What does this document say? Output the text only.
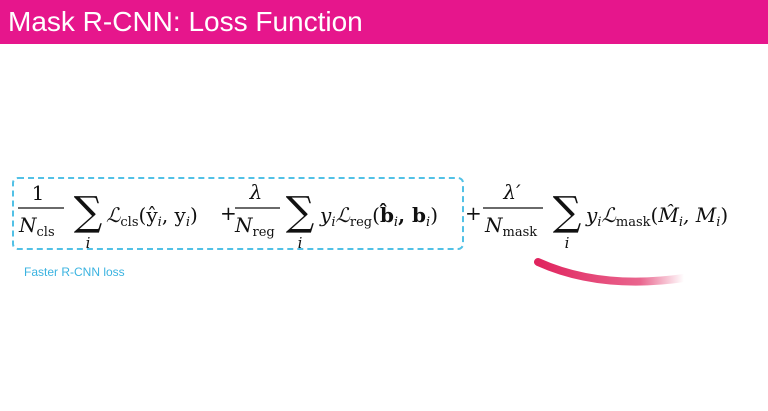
Mask R-CNN: Loss Function
1
$N_{cls}$ ∑
i
$ℒ_{cls}(ŷ_i$, $y_i$) +
λ
$N_{reg}$ ∑
i
$y_iℒ_{reg}(b̂_i$, $b_i$) +
λ′
$N_{mask}$ ∑
i
$y_iℒ_{mask}(M̂_i$, $M_i$)
Faster R-CNN loss
